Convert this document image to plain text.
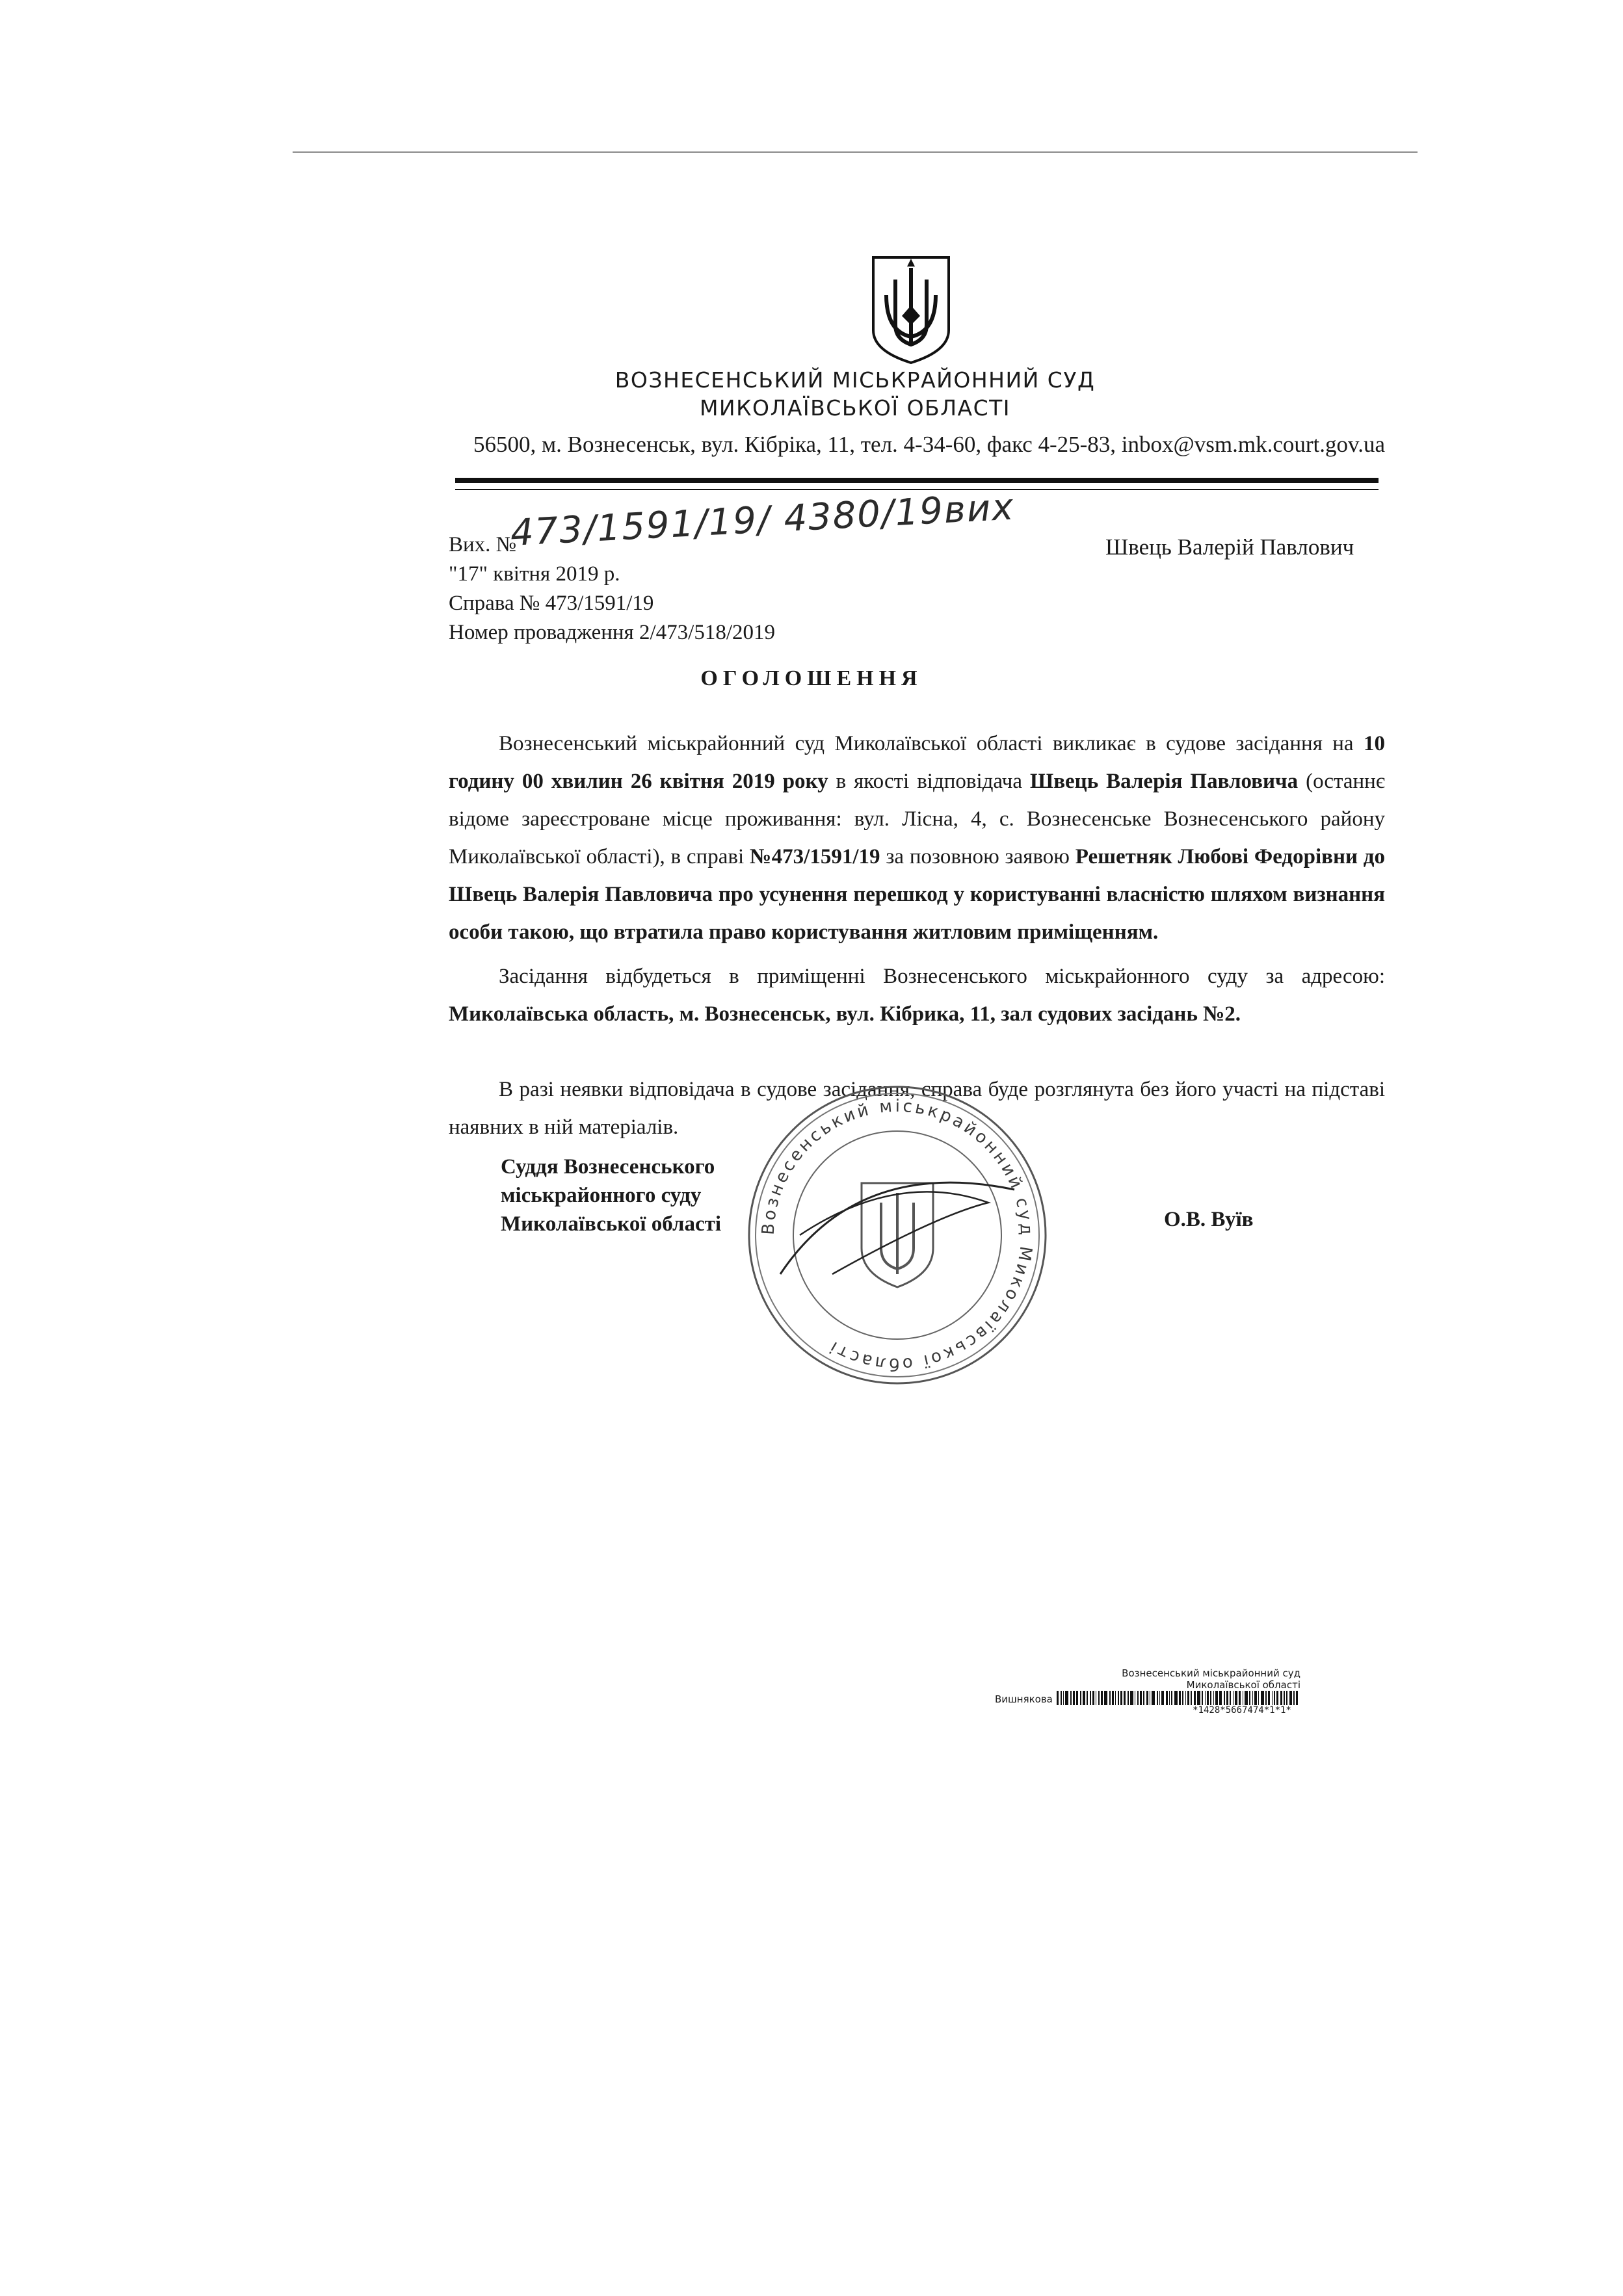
ВОЗНЕСЕНСЬКИЙ МІСЬКРАЙОННИЙ СУД
МИКОЛАЇВСЬКОЇ ОБЛАСТІ
56500, м. Вознесенськ, вул. Кібріка, 11, тел. 4-34-60, факс 4-25-83, inbox@vsm.mk.court.gov.ua
Вих. №
473/1591/19/ 4380/19вих
"17" квітня 2019 р.
Справа № 473/1591/19
Номер провадження 2/473/518/2019
Швець Валерій Павлович
ОГОЛОШЕННЯ
Вознесенський міськрайонний суд Миколаївської області викликає в судове засідання на 10 годину 00 хвилин 26 квітня 2019 року в якості відповідача Швець Валерія Павловича (останнє відоме зареєстроване місце проживання: вул. Лісна, 4, с. Вознесенське Вознесенського району Миколаївської області), в справі №473/1591/19 за позовною заявою Решетняк Любові Федорівни до Швець Валерія Павловича про усунення перешкод у користуванні власністю шляхом визнання особи такою, що втратила право користування житловим приміщенням.
Засідання відбудеться в приміщенні Вознесенського міськрайонного суду за адресою: Миколаївська область, м. Вознесенськ, вул. Кібрика, 11, зал судових засідань №2.
В разі неявки відповідача в судове засідання, справа буде розглянута без його участі на підставі наявних в ній матеріалів.
Вознесенський міськрайонний суд Миколаївської області
Суддя Вознесенського
міськрайонного суду
Миколаївської області	О.В. Вуїв
Вознесенський міськрайонний суд
Миколаївської області
Вишнякова
*1428*5667474*1*1*
